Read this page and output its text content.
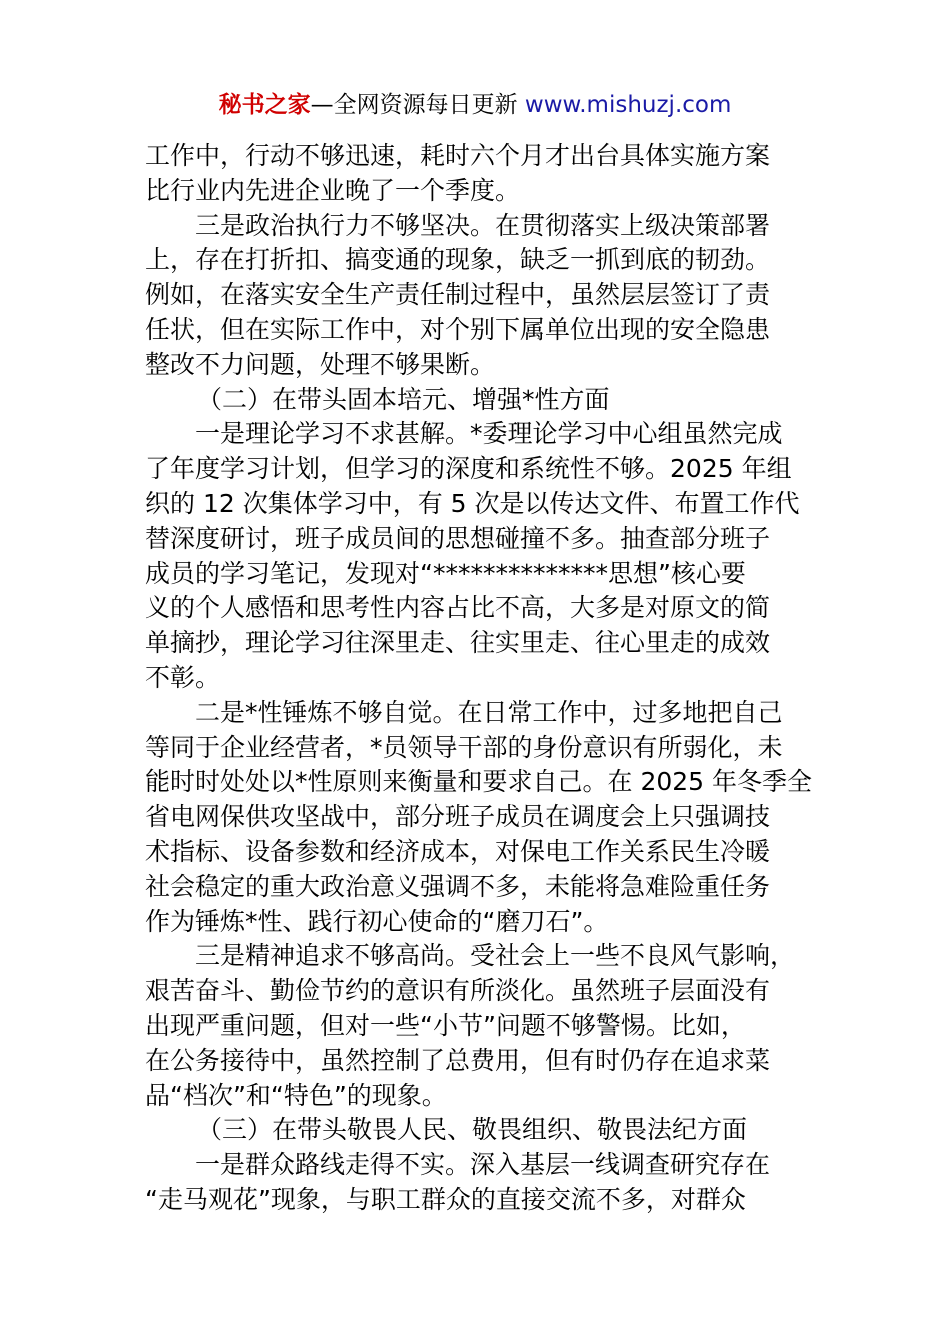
秘书之家—全网资源每日更新 www.mishuzj.com
工作中，行动不够迅速，耗时六个月才出台具体实施方案
比行业内先进企业晚了一个季度。
三是政治执行力不够坚决。在贯彻落实上级决策部署
上，存在打折扣、搞变通的现象，缺乏一抓到底的韧劲。
例如，在落实安全生产责任制过程中，虽然层层签订了责
任状，但在实际工作中，对个别下属单位出现的安全隐患
整改不力问题，处理不够果断。
（二）在带头固本培元、增强*性方面
一是理论学习不求甚解。*委理论学习中心组虽然完成
了年度学习计划，但学习的深度和系统性不够。2025 年组
织的 12 次集体学习中，有 5 次是以传达文件、布置工作代
替深度研讨，班子成员间的思想碰撞不多。抽查部分班子
成员的学习笔记，发现对“**************思想”核心要
义的个人感悟和思考性内容占比不高，大多是对原文的简
单摘抄，理论学习往深里走、往实里走、往心里走的成效
不彰。
二是*性锤炼不够自觉。在日常工作中，过多地把自己
等同于企业经营者，*员领导干部的身份意识有所弱化，未
能时时处处以*性原则来衡量和要求自己。在 2025 年冬季全
省电网保供攻坚战中，部分班子成员在调度会上只强调技
术指标、设备参数和经济成本，对保电工作关系民生冷暖
社会稳定的重大政治意义强调不多，未能将急难险重任务
作为锤炼*性、践行初心使命的“磨刀石”。
三是精神追求不够高尚。受社会上一些不良风气影响，
艰苦奋斗、勤俭节约的意识有所淡化。虽然班子层面没有
出现严重问题，但对一些“小节”问题不够警惕。比如，
在公务接待中，虽然控制了总费用，但有时仍存在追求菜
品“档次”和“特色”的现象。
（三）在带头敬畏人民、敬畏组织、敬畏法纪方面
一是群众路线走得不实。深入基层一线调查研究存在
“走马观花”现象，与职工群众的直接交流不多，对群众
